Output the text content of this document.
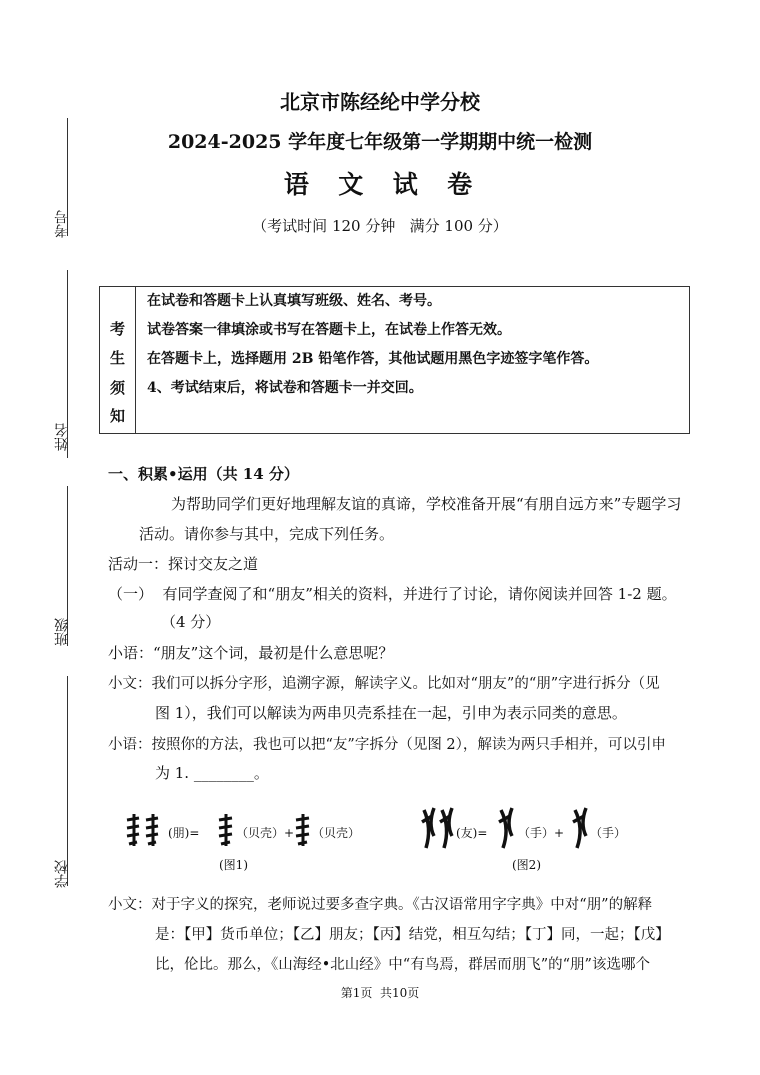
考号
姓名
班级
学校
北京市陈经纶中学分校
2024-2025 学年度七年级第一学期期中统一检测
语  文  试  卷
（考试时间 120 分钟   满分 100 分）
考
生
须
知
在试卷和答题卡上认真填写班级、姓名、考号。
试卷答案一律填涂或书写在答题卡上，在试卷上作答无效。
在答题卡上，选择题用 2B 铅笔作答，其他试题用黑色字迹签字笔作答。
4、考试结束后，将试卷和答题卡一并交回。
一、积累•运用（共 14 分）
为帮助同学们更好地理解友谊的真谛，学校准备开展“有朋自远方来”专题学习
活动。请你参与其中，完成下列任务。
活动一：探讨交友之道
（一）  有同学查阅了和“朋友”相关的资料，并进行了讨论，请你阅读并回答 1-2 题。
（4 分）
小语：“朋友”这个词，最初是什么意思呢？
小文：我们可以拆分字形，追溯字源，解读字义。比如对“朋友”的“朋”字进行拆分（见
图 1），我们可以解读为两串贝壳系挂在一起，引申为表示同类的意思。
小语：按照你的方法，我也可以把“友”字拆分（见图 2），解读为两只手相并，可以引申
为 1. ________。
(朋)=	（贝壳）+ （贝壳）
(图1)
(友)=	（手）+ （手）
(图2)
小文：对于字义的探究，老师说过要多查字典。《古汉语常用字字典》中对“朋”的解释
是：【甲】货币单位；【乙】朋友；【丙】结党，相互勾结；【丁】同，一起；【戊】
比，伦比。那么，《山海经•北山经》中“有鸟焉，群居而朋飞”的“朋”该选哪个
第1页  共10页
